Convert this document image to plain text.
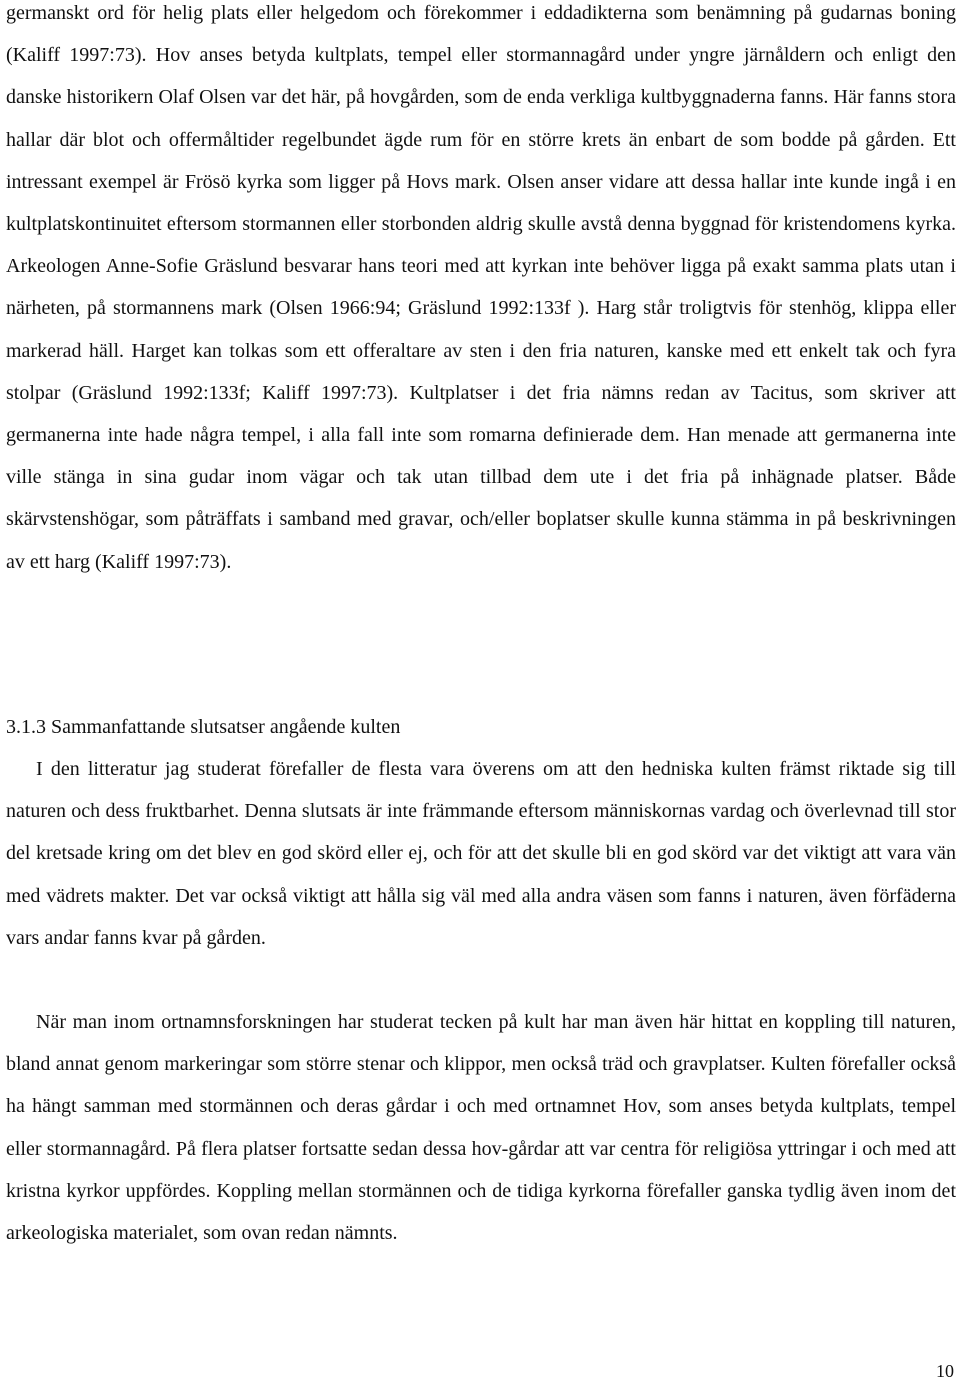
germanskt ord för helig plats eller helgedom och förekommer i eddadikterna som benämning på gudarnas boning (Kaliff 1997:73). Hov anses betyda kultplats, tempel eller stormannagård under yngre järnåldern och enligt den danske historikern Olaf Olsen var det här, på hovgården, som de enda verkliga kultbyggnaderna fanns. Här fanns stora hallar där blot och offermåltider regelbundet ägde rum för en större krets än enbart de som bodde på gården. Ett intressant exempel är Frösö kyrka som ligger på Hovs mark. Olsen anser vidare att dessa hallar inte kunde ingå i en kultplatskontinuitet eftersom stormannen eller storbonden aldrig skulle avstå denna byggnad för kristendomens kyrka. Arkeologen Anne-Sofie Gräslund besvarar hans teori med att kyrkan inte behöver ligga på exakt samma plats utan i närheten, på stormannens mark (Olsen 1966:94; Gräslund 1992:133f ). Harg står troligtvis för stenhög, klippa eller markerad häll. Harget kan tolkas som ett offeraltare av sten i den fria naturen, kanske med ett enkelt tak och fyra stolpar (Gräslund 1992:133f; Kaliff 1997:73). Kultplatser i det fria nämns redan av Tacitus, som skriver att germanerna inte hade några tempel, i alla fall inte som romarna definierade dem. Han menade att germanerna inte ville stänga in sina gudar inom vägar och tak utan tillbad dem ute i det fria på inhägnade platser. Både skärvstenshögar, som påträffats i samband med gravar, och/eller boplatser skulle kunna stämma in på beskrivningen av ett harg (Kaliff 1997:73).

3.1.3 Sammanfattande slutsatser angående kulten

I den litteratur jag studerat förefaller de flesta vara överens om att den hedniska kulten främst riktade sig till naturen och dess fruktbarhet. Denna slutsats är inte främmande eftersom människornas vardag och överlevnad till stor del kretsade kring om det blev en god skörd eller ej, och för att det skulle bli en god skörd var det viktigt att vara vän med vädrets makter. Det var också viktigt att hålla sig väl med alla andra väsen som fanns i naturen, även förfäderna vars andar fanns kvar på gården.

När man inom ortnamnsforskningen har studerat tecken på kult har man även här hittat en koppling till naturen, bland annat genom markeringar som större stenar och klippor, men också träd och gravplatser. Kulten förefaller också ha hängt samman med stormännen och deras gårdar i och med ortnamnet Hov, som anses betyda kultplats, tempel eller stormannagård. På flera platser fortsatte sedan dessa hov-gårdar att var centra för religiösa yttringar i och med att kristna kyrkor uppfördes. Koppling mellan stormännen och de tidiga kyrkorna förefaller ganska tydlig även inom det arkeologiska materialet, som ovan redan nämnts.

10
